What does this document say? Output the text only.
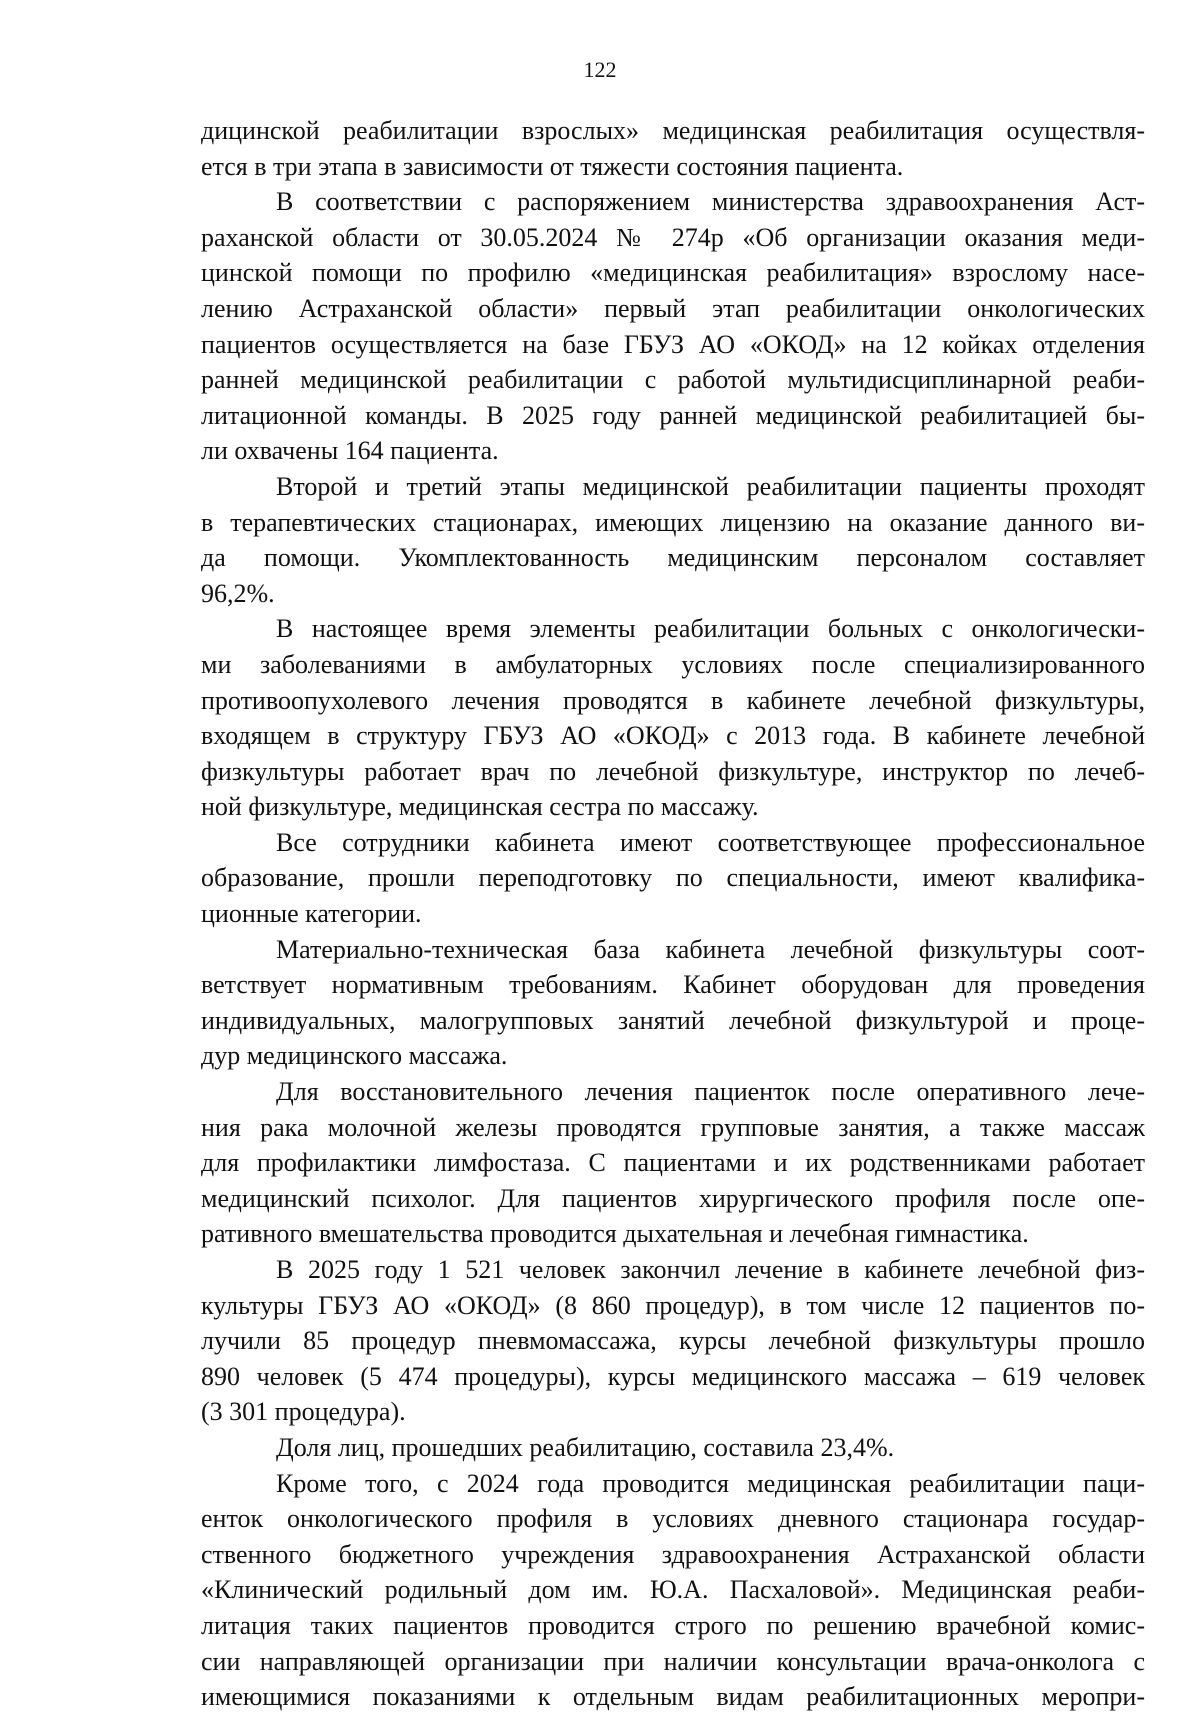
122
дицинской реабилитации взрослых» медицинская реабилитация осуществля-
ется в три этапа в зависимости от тяжести состояния пациента.
В соответствии с распоряжением министерства здравоохранения Аст-
раханской области от 30.05.2024 № 274р «Об организации оказания меди-
цинской помощи по профилю «медицинская реабилитация» взрослому насе-
лению Астраханской области» первый этап реабилитации онкологических
пациентов осуществляется на базе ГБУЗ АО «ОКОД» на 12 койках отделения
ранней медицинской реабилитации с работой мультидисциплинарной реаби-
литационной команды. В 2025 году ранней медицинской реабилитацией бы-
ли охвачены 164 пациента.
Второй и третий этапы медицинской реабилитации пациенты проходят
в терапевтических стационарах, имеющих лицензию на оказание данного ви-
да помощи. Укомплектованность медицинским персоналом составляет
96,2%.
В настоящее время элементы реабилитации больных с онкологически-
ми заболеваниями в амбулаторных условиях после специализированного
противоопухолевого лечения проводятся в кабинете лечебной физкультуры,
входящем в структуру ГБУЗ АО «ОКОД» с 2013 года. В кабинете лечебной
физкультуры работает врач по лечебной физкультуре, инструктор по лечеб-
ной физкультуре, медицинская сестра по массажу.
Все сотрудники кабинета имеют соответствующее профессиональное
образование, прошли переподготовку по специальности, имеют квалифика-
ционные категории.
Материально-техническая база кабинета лечебной физкультуры соот-
ветствует нормативным требованиям. Кабинет оборудован для проведения
индивидуальных, малогрупповых занятий лечебной физкультурой и проце-
дур медицинского массажа.
Для восстановительного лечения пациенток после оперативного лече-
ния рака молочной железы проводятся групповые занятия, а также массаж
для профилактики лимфостаза. С пациентами и их родственниками работает
медицинский психолог. Для пациентов хирургического профиля после опе-
ративного вмешательства проводится дыхательная и лечебная гимнастика.
В 2025 году 1 521 человек закончил лечение в кабинете лечебной физ-
культуры ГБУЗ АО «ОКОД» (8 860 процедур), в том числе 12 пациентов по-
лучили 85 процедур пневмомассажа, курсы лечебной физкультуры прошло
890 человек (5 474 процедуры), курсы медицинского массажа – 619 человек
(3 301 процедура).
Доля лиц, прошедших реабилитацию, составила 23,4%.
Кроме того, с 2024 года проводится медицинская реабилитации паци-
енток онкологического профиля в условиях дневного стационара государ-
ственного бюджетного учреждения здравоохранения Астраханской области
«Клинический родильный дом им. Ю.А. Пасхаловой». Медицинская реаби-
литация таких пациентов проводится строго по решению врачебной комис-
сии направляющей организации при наличии консультации врача-онколога с
имеющимися показаниями к отдельным видам реабилитационных меропри-
